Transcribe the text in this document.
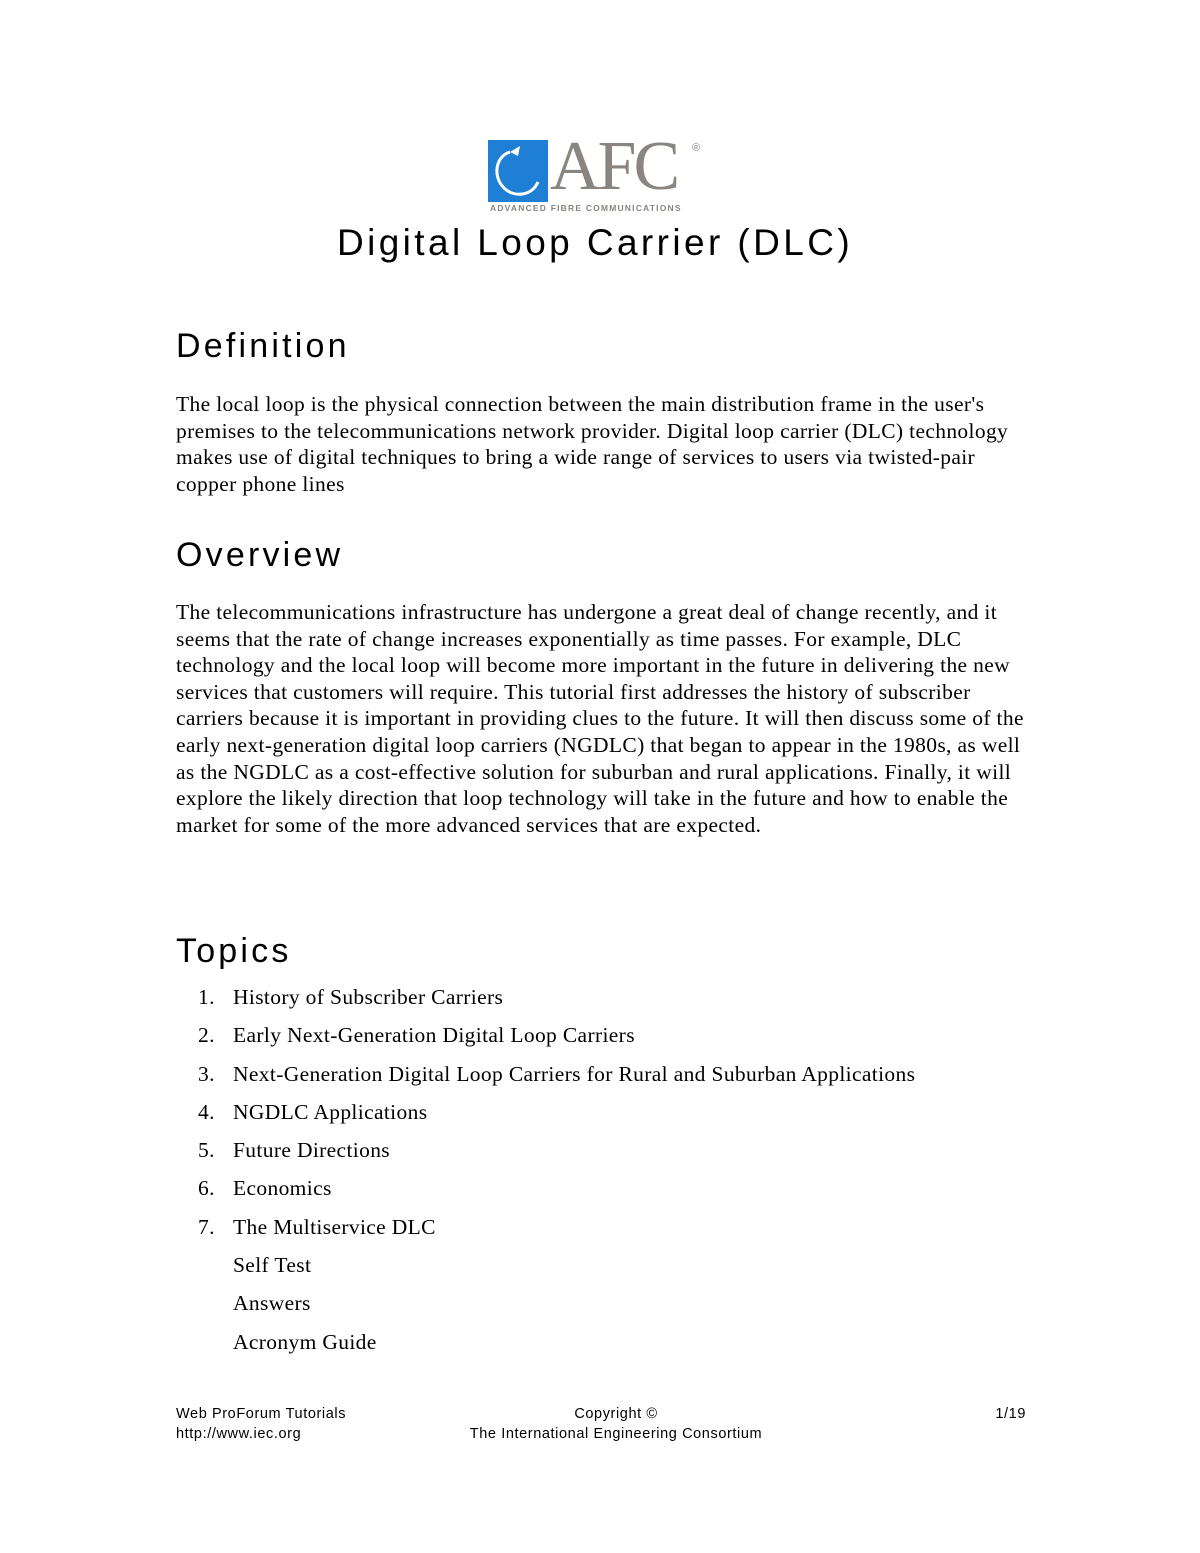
AFC ®
ADVANCED FIBRE COMMUNICATIONS
Digital Loop Carrier (DLC)
Definition

The local loop is the physical connection between the main distribution frame in the user's premises to the telecommunications network provider. Digital loop carrier (DLC) technology makes use of digital techniques to bring a wide range of services to users via twisted-pair copper phone lines

Overview

The telecommunications infrastructure has undergone a great deal of change recently, and it seems that the rate of change increases exponentially as time passes. For example, DLC technology and the local loop will become more important in the future in delivering the new services that customers will require. This tutorial first addresses the history of subscriber carriers because it is important in providing clues to the future. It will then discuss some of the early next-generation digital loop carriers (NGDLC) that began to appear in the 1980s, as well as the NGDLC as a cost-effective solution for suburban and rural applications. Finally, it will explore the likely direction that loop technology will take in the future and how to enable the market for some of the more advanced services that are expected.

Topics
1. History of Subscriber Carriers
2. Early Next-Generation Digital Loop Carriers
3. Next-Generation Digital Loop Carriers for Rural and Suburban Applications
4. NGDLC Applications
5. Future Directions
6. Economics
7. The Multiservice DLC
Self Test
Answers
Acronym Guide
Web ProForum Tutorials
http://www.iec.org
Copyright ©
The International Engineering Consortium
1/19
